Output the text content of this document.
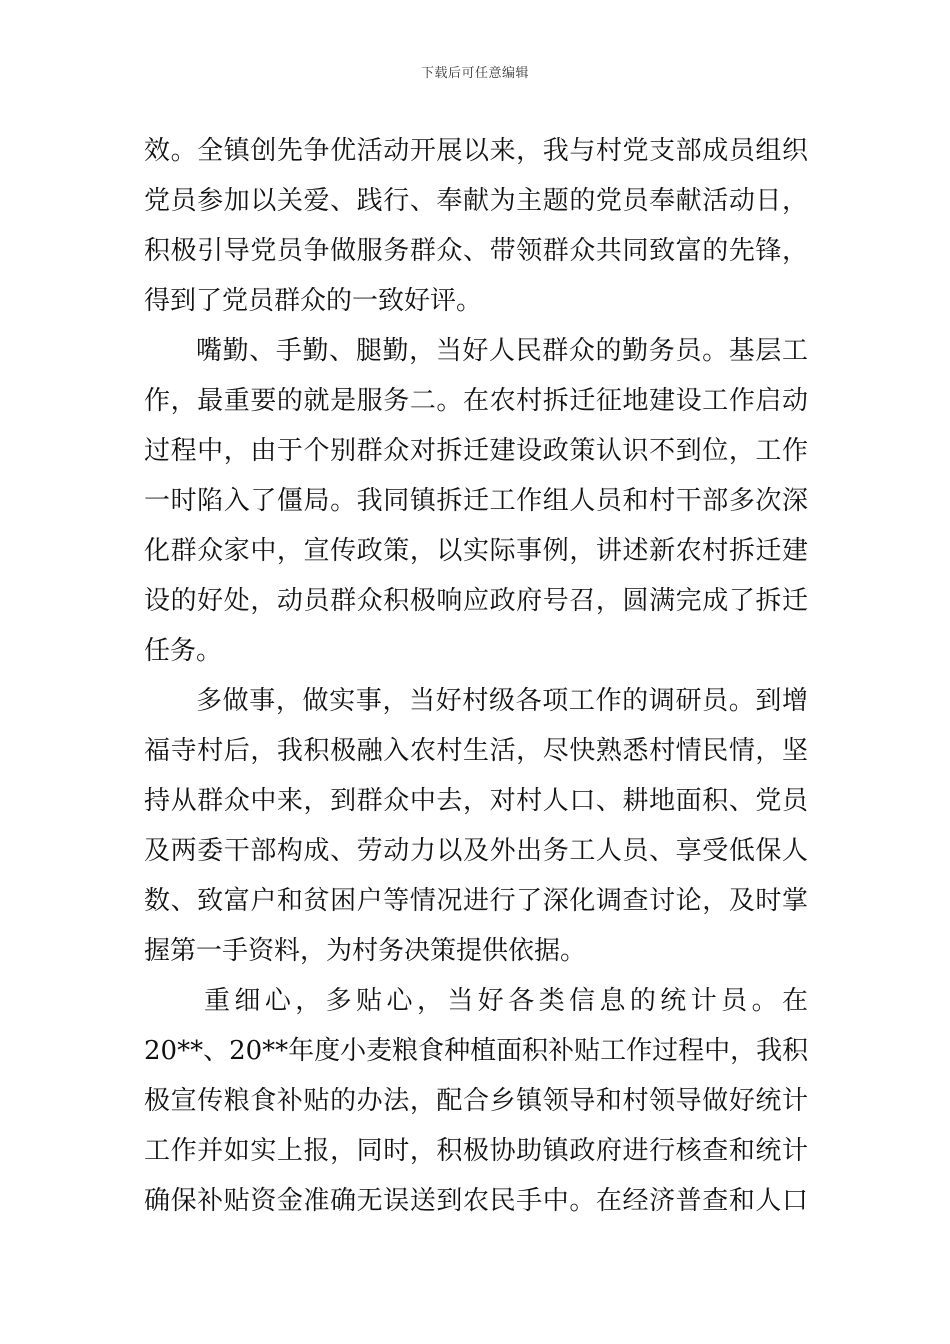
下载后可任意编辑
效。全镇创先争优活动开展以来，我与村党支部成员组织
党员参加以关爱、践行、奉献为主题的党员奉献活动日，
积极引导党员争做服务群众、带领群众共同致富的先锋，
得到了党员群众的一致好评。
嘴勤、手勤、腿勤，当好人民群众的勤务员。基层工
作，最重要的就是服务二。在农村拆迁征地建设工作启动
过程中，由于个别群众对拆迁建设政策认识不到位，工作
一时陷入了僵局。我同镇拆迁工作组人员和村干部多次深
化群众家中，宣传政策，以实际事例，讲述新农村拆迁建
设的好处，动员群众积极响应政府号召，圆满完成了拆迁
任务。
多做事，做实事，当好村级各项工作的调研员。到增
福寺村后，我积极融入农村生活，尽快熟悉村情民情，坚
持从群众中来，到群众中去，对村人口、耕地面积、党员
及两委干部构成、劳动力以及外出务工人员、享受低保人
数、致富户和贫困户等情况进行了深化调查讨论，及时掌
握第一手资料，为村务决策提供依据。
重细心，多贴心，当好各类信息的统计员。在
20**、20**年度小麦粮食种植面积补贴工作过程中，我积
极宣传粮食补贴的办法，配合乡镇领导和村领导做好统计
工作并如实上报，同时，积极协助镇政府进行核查和统计
确保补贴资金准确无误送到农民手中。在经济普查和人口
